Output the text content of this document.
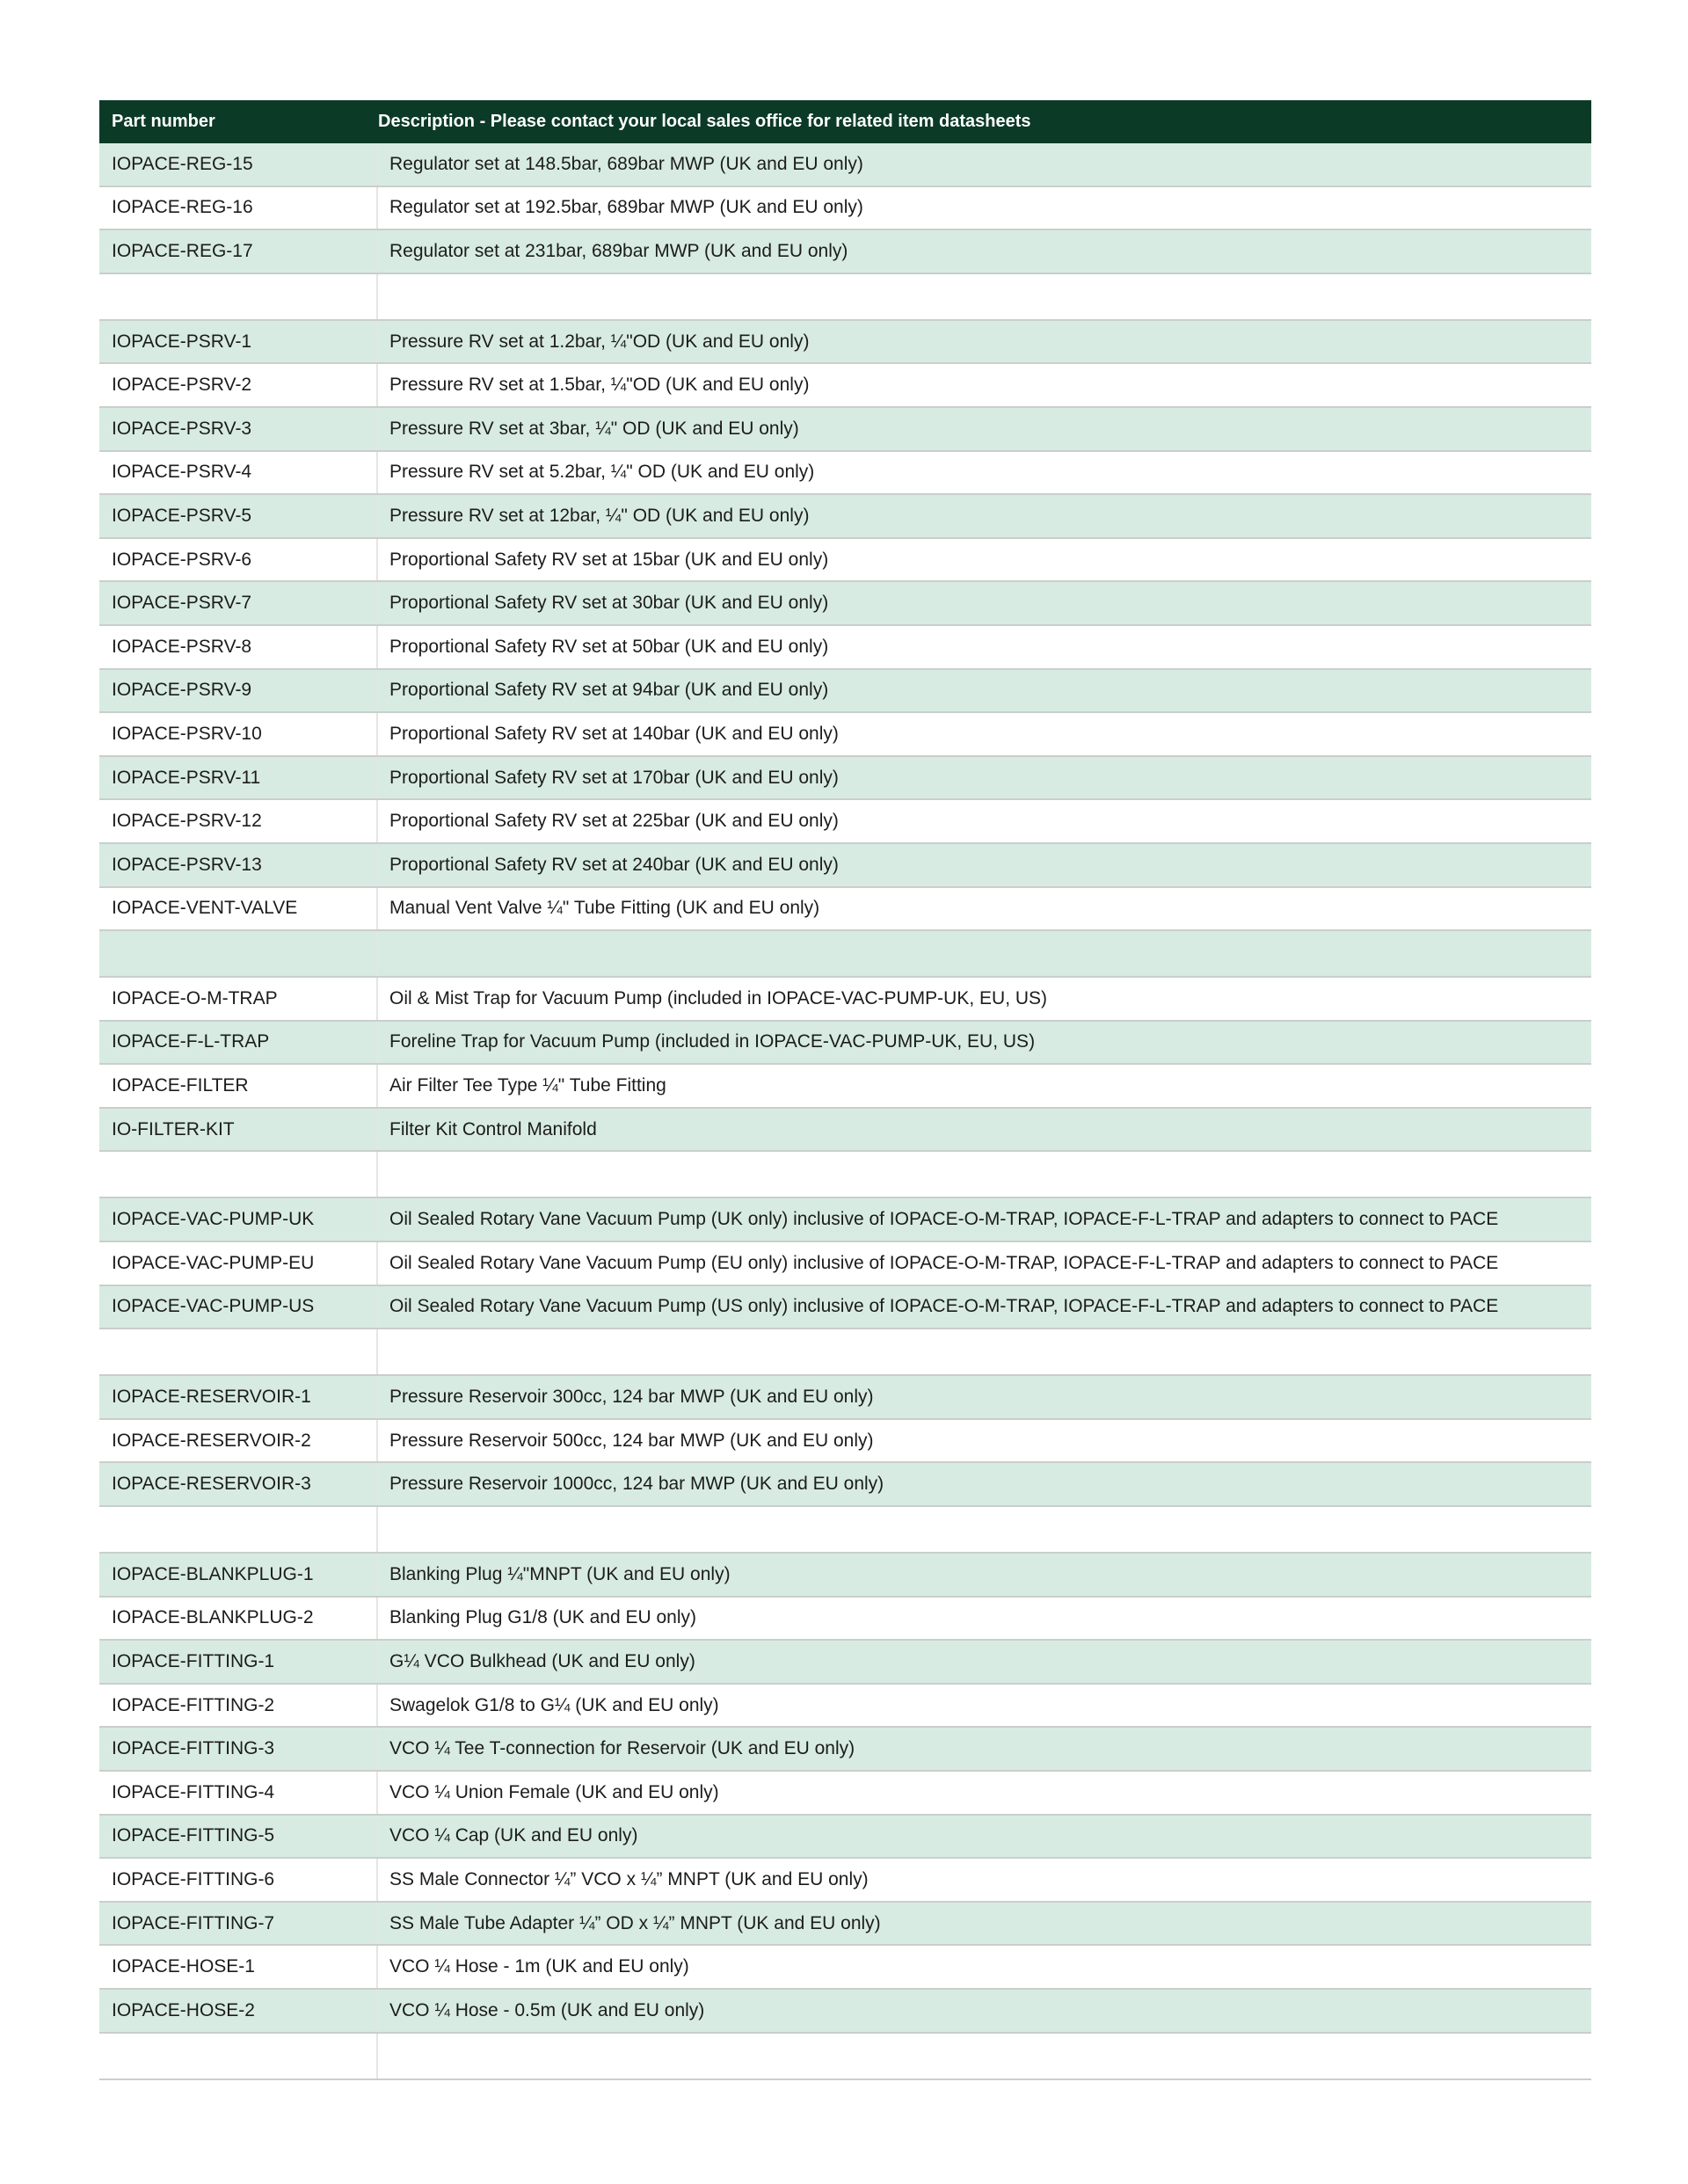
Part number	Description - Please contact your local sales office for related item datasheets
IOPACE-REG-15	Regulator set at 148.5bar, 689bar MWP (UK and EU only)
IOPACE-REG-16	Regulator set at 192.5bar, 689bar MWP (UK and EU only)
IOPACE-REG-17	Regulator set at 231bar, 689bar MWP (UK and EU only)
IOPACE-PSRV-1	Pressure RV set at 1.2bar, ¼"OD (UK and EU only)
IOPACE-PSRV-2	Pressure RV set at 1.5bar, ¼"OD (UK and EU only)
IOPACE-PSRV-3	Pressure RV set at 3bar, ¼" OD (UK and EU only)
IOPACE-PSRV-4	Pressure RV set at 5.2bar, ¼" OD (UK and EU only)
IOPACE-PSRV-5	Pressure RV set at 12bar, ¼" OD (UK and EU only)
IOPACE-PSRV-6	Proportional Safety RV set at 15bar (UK and EU only)
IOPACE-PSRV-7	Proportional Safety RV set at 30bar (UK and EU only)
IOPACE-PSRV-8	Proportional Safety RV set at 50bar (UK and EU only)
IOPACE-PSRV-9	Proportional Safety RV set at 94bar (UK and EU only)
IOPACE-PSRV-10	Proportional Safety RV set at 140bar (UK and EU only)
IOPACE-PSRV-11	Proportional Safety RV set at 170bar (UK and EU only)
IOPACE-PSRV-12	Proportional Safety RV set at 225bar (UK and EU only)
IOPACE-PSRV-13	Proportional Safety RV set at 240bar (UK and EU only)
IOPACE-VENT-VALVE	Manual Vent Valve ¼" Tube Fitting (UK and EU only)
IOPACE-O-M-TRAP	Oil & Mist Trap for Vacuum Pump (included in IOPACE-VAC-PUMP-UK, EU, US)
IOPACE-F-L-TRAP	Foreline Trap for Vacuum Pump (included in IOPACE-VAC-PUMP-UK, EU, US)
IOPACE-FILTER	Air Filter Tee Type ¼" Tube Fitting
IO-FILTER-KIT	Filter Kit Control Manifold
IOPACE-VAC-PUMP-UK	Oil Sealed Rotary Vane Vacuum Pump (UK only) inclusive of IOPACE-O-M-TRAP, IOPACE-F-L-TRAP and adapters to connect to PACE
IOPACE-VAC-PUMP-EU	Oil Sealed Rotary Vane Vacuum Pump (EU only) inclusive of IOPACE-O-M-TRAP, IOPACE-F-L-TRAP and adapters to connect to PACE
IOPACE-VAC-PUMP-US	Oil Sealed Rotary Vane Vacuum Pump (US only) inclusive of IOPACE-O-M-TRAP, IOPACE-F-L-TRAP and adapters to connect to PACE
IOPACE-RESERVOIR-1	Pressure Reservoir 300cc, 124 bar MWP (UK and EU only)
IOPACE-RESERVOIR-2	Pressure Reservoir 500cc, 124 bar MWP (UK and EU only)
IOPACE-RESERVOIR-3	Pressure Reservoir 1000cc, 124 bar MWP (UK and EU only)
IOPACE-BLANKPLUG-1	Blanking Plug ¼"MNPT (UK and EU only)
IOPACE-BLANKPLUG-2	Blanking Plug G1/8 (UK and EU only)
IOPACE-FITTING-1	G¼ VCO Bulkhead (UK and EU only)
IOPACE-FITTING-2	Swagelok G1/8 to G¼ (UK and EU only)
IOPACE-FITTING-3	VCO ¼ Tee T-connection for Reservoir (UK and EU only)
IOPACE-FITTING-4	VCO ¼ Union Female (UK and EU only)
IOPACE-FITTING-5	VCO ¼ Cap (UK and EU only)
IOPACE-FITTING-6	SS Male Connector ¼” VCO x ¼” MNPT (UK and EU only)
IOPACE-FITTING-7	SS Male Tube Adapter ¼” OD x ¼” MNPT (UK and EU only)
IOPACE-HOSE-1	VCO ¼ Hose - 1m (UK and EU only)
IOPACE-HOSE-2	VCO ¼ Hose - 0.5m (UK and EU only)
